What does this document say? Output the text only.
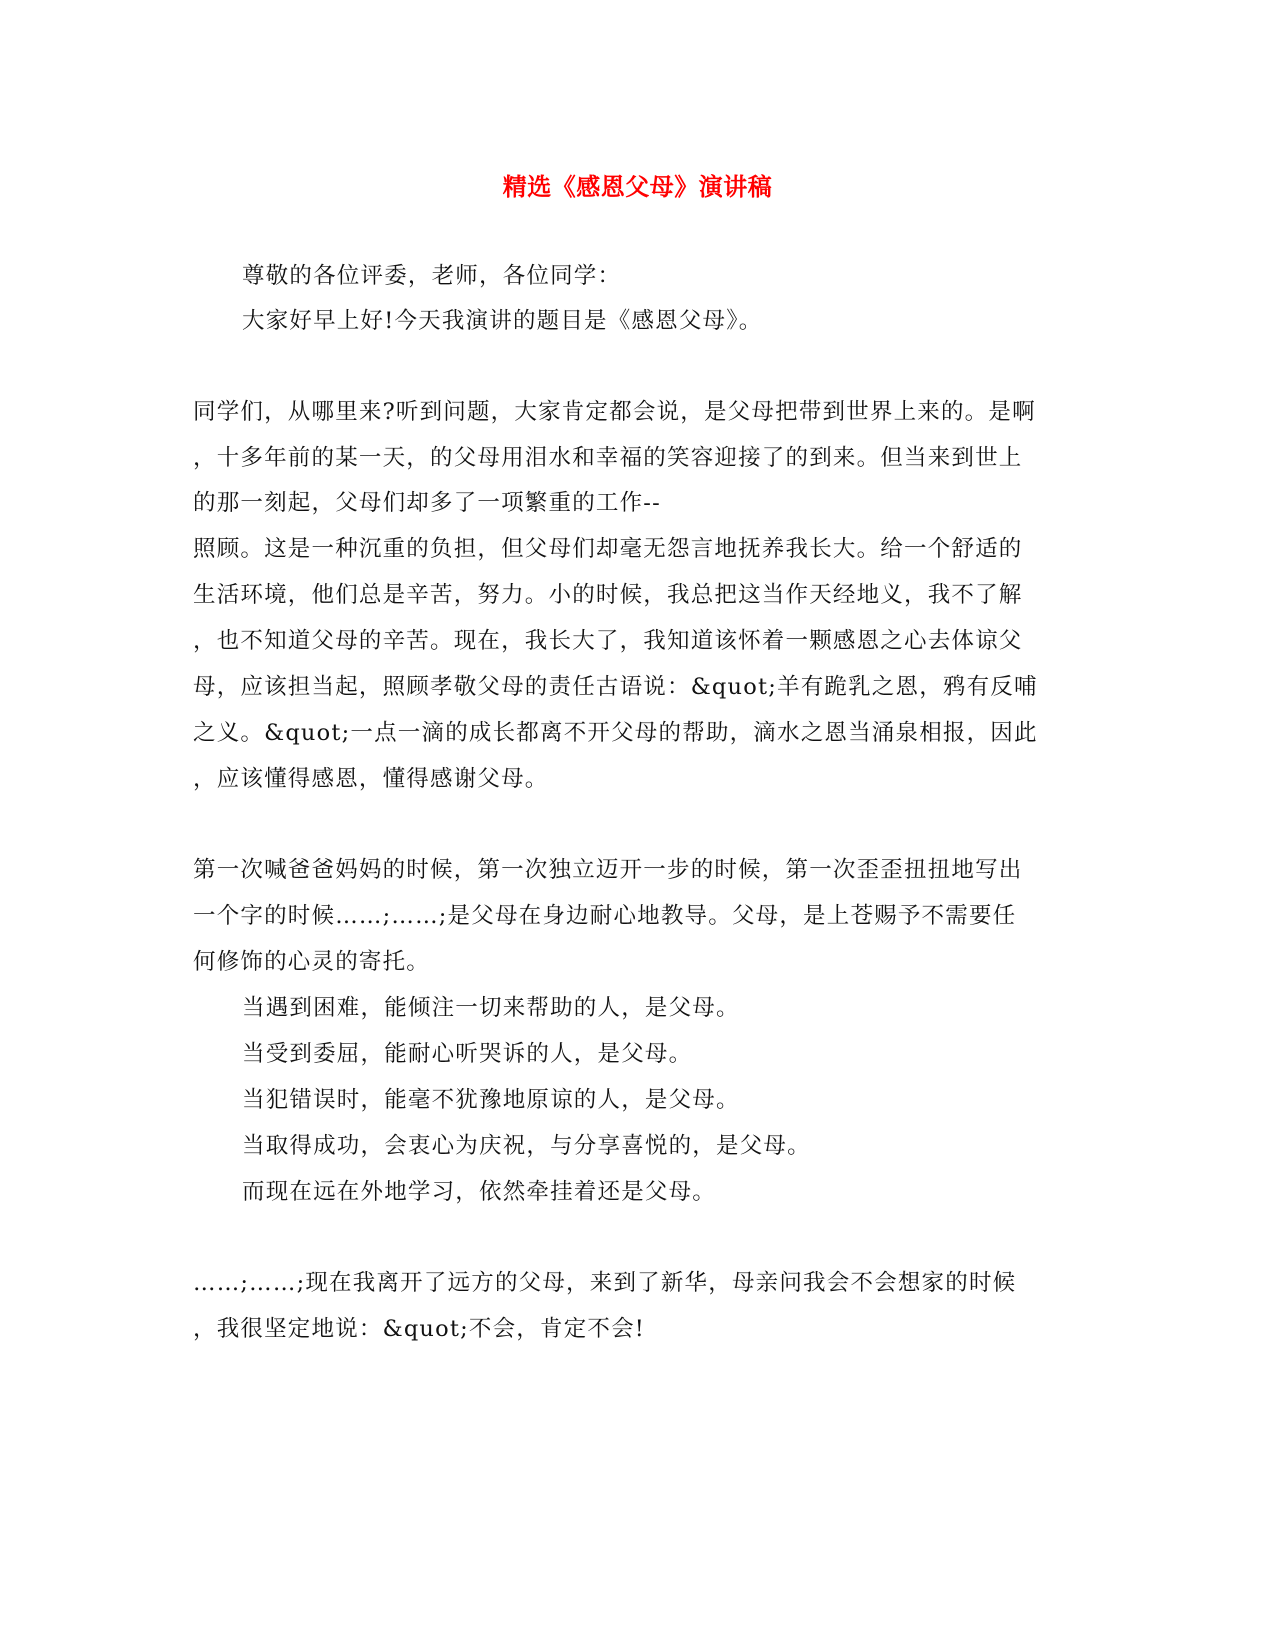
精选《感恩父母》演讲稿
尊敬的各位评委，老师，各位同学：
大家好早上好!今天我演讲的题目是《感恩父母》。
同学们，从哪里来?听到问题，大家肯定都会说，是父母把带到世界上来的。是啊
，十多年前的某一天，的父母用泪水和幸福的笑容迎接了的到来。但当来到世上
的那一刻起，父母们却多了一项繁重的工作--
照顾。这是一种沉重的负担，但父母们却毫无怨言地抚养我长大。给一个舒适的
生活环境，他们总是辛苦，努力。小的时候，我总把这当作天经地义，我不了解
，也不知道父母的辛苦。现在，我长大了，我知道该怀着一颗感恩之心去体谅父
母，应该担当起，照顾孝敬父母的责任古语说：&quot;羊有跪乳之恩，鸦有反哺
之义。&quot;一点一滴的成长都离不开父母的帮助，滴水之恩当涌泉相报，因此
，应该懂得感恩，懂得感谢父母。
第一次喊爸爸妈妈的时候，第一次独立迈开一步的时候，第一次歪歪扭扭地写出
一个字的时候……;……;是父母在身边耐心地教导。父母，是上苍赐予不需要任
何修饰的心灵的寄托。
当遇到困难，能倾注一切来帮助的人，是父母。
当受到委屈，能耐心听哭诉的人，是父母。
当犯错误时，能毫不犹豫地原谅的人，是父母。
当取得成功，会衷心为庆祝，与分享喜悦的，是父母。
而现在远在外地学习，依然牵挂着还是父母。
……;……;现在我离开了远方的父母，来到了新华，母亲问我会不会想家的时候
，我很坚定地说：&quot;不会，肯定不会!
